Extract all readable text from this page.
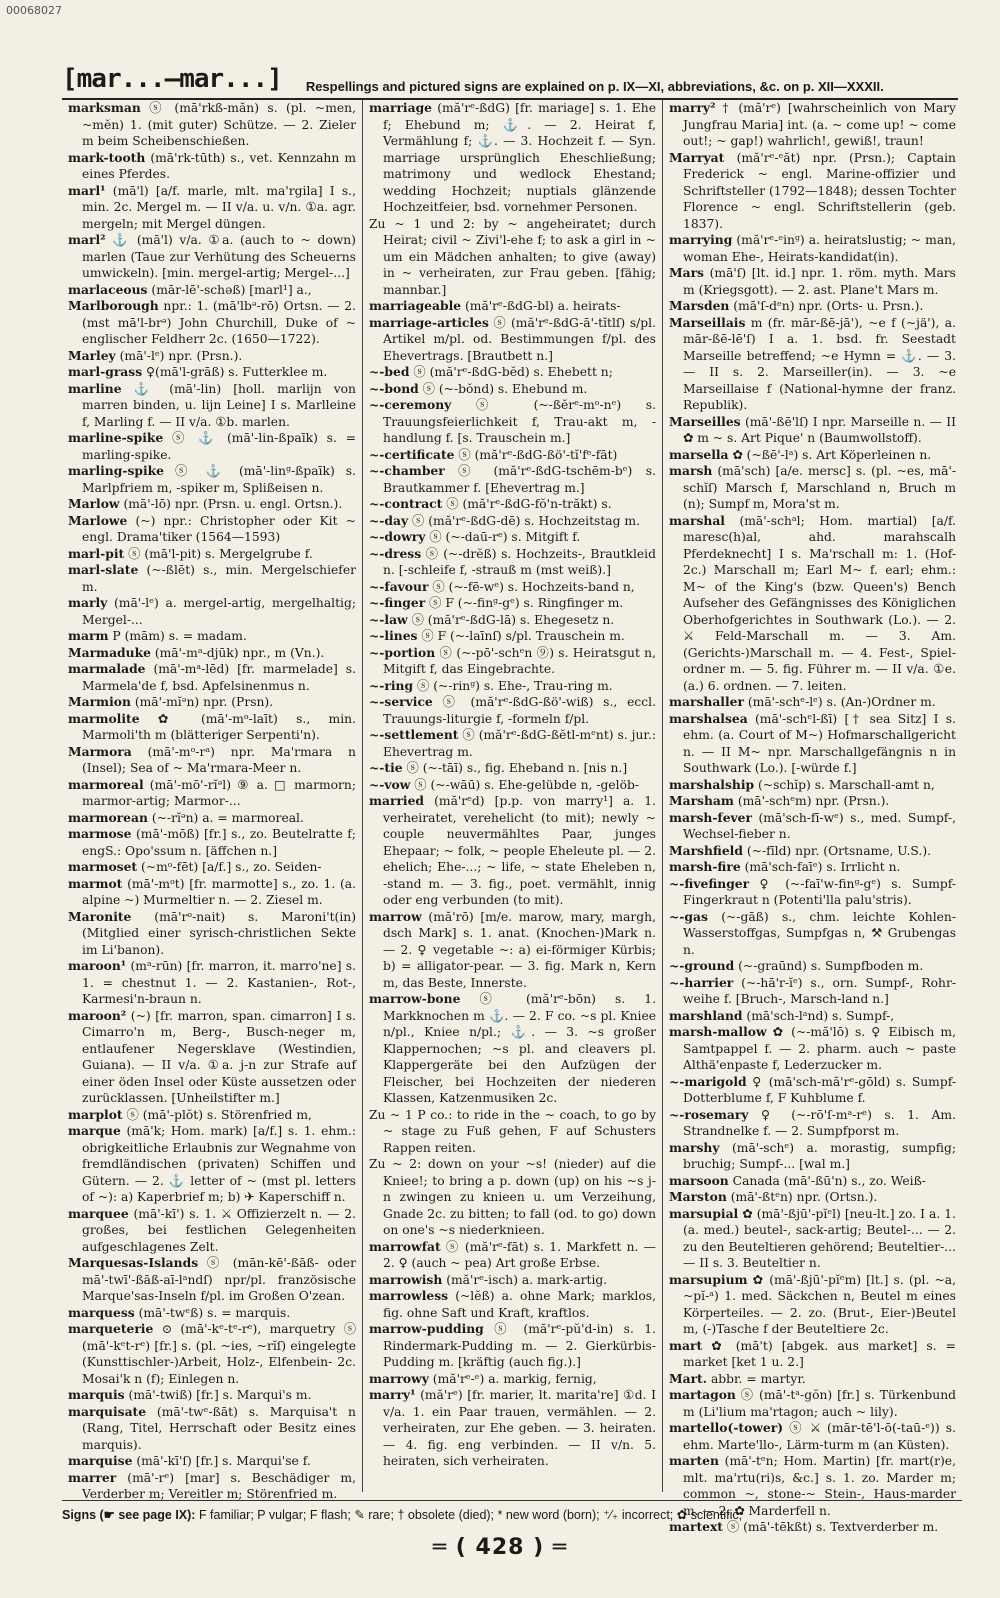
00068027
[mar...—mar...] Respellings and pictured signs are explained on p. IX—XI, abbreviations, &c. on p. XII—XXXII.

marksman ⓢ (mā'rkß-măn) s. (pl. ~men, ~mĕn) 1. (mit guter) Schütze. — 2. Zieler m beim Scheibenschießen.

mark-tooth (mā'rk-tūth) s., vet. Kennzahn m eines Pferdes.

marl¹ (mā'l) [a/f. marle, mlt. ma'rgila] I s., min. 2c. Mergel m. — II v/a. u. v/n. ①a. agr. mergeln; mit Mergel düngen.

marl² ⚓ (mā'l) v/a. ①a. (auch to ~ down) marlen (Taue zur Verhütung des Scheuerns umwickeln). [min. mergel-artig; Mergel-...]

marlaceous (mār-lē'-schəß) [marl¹] a.,

Marlborough npr.: 1. (mā'lbᵊ-rō) Ortsn. — 2. (mst mā'l-brᵊ) John Churchill, Duke of ~ englischer Feldherr 2c. (1650—1722).

Marley (mā'-lᵉ) npr. (Prsn.).

marl-grass ♀(mā'l-grāß) s. Futterklee m.

marline ⚓ (mā'-lin) [holl. marlijn von marren binden, u. lijn Leine] I s. Marlleine f, Marling f. — II v/a. ①b. marlen.

marline-spike ⓢ ⚓ (mā'-lin-ßpaīk) s. = marling-spike.

marling-spike ⓢ ⚓ (mā'-linᵍ-ßpaīk) s. Marlpfriem m, -spiker m, Splißeisen n.

Marlow (mā'-lō) npr. (Prsn. u. engl. Ortsn.).

Marlowe (~) npr.: Christopher oder Kit ~ engl. Drama'tiker (1564—1593)

marl-pit ⓢ (mā'l-pit) s. Mergelgrube f.

marl-slate (~-ßlēt) s., min. Mergelschiefer m.

marly (mā'-lᵉ) a. mergel-artig, mergelhaltig; Mergel-...

marm P (mām) s. = madam.

Marmaduke (mā'-mᵃ-djūk) npr., m (Vn.).

marmalade (mā'-mᵃ-lēd) [fr. marmelade] s. Marmela'de f, bsd. Apfelsinenmus n.

Marmion (mā'-mĭᵊn) npr. (Prsn).

marmolite ✿ (mā'-mᵒ-laīt) s., min. Marmoli'th m (blätteriger Serpenti'n).

Marmora (mā'-mᵒ-rᵃ) npr. Ma'rmara n (Insel); Sea of ~ Ma'rmara-Meer n.

marmoreal (mā'-mō'-rĭᵊl) ⑨ a. □ marmorn; marmor-artig; Marmor-...

marmorean (~-rĭᵊn) a. = marmoreal.

marmose (mā'-mōß) [fr.] s., zo. Beutelratte f; engS.: Opo'ssum n. [äffchen n.]

marmoset (~mᵒ-fēt) [a/f.] s., zo. Seiden-

marmot (mā'-mᵒt) [fr. marmotte] s., zo. 1. (a. alpine ~) Murmeltier n. — 2. Ziesel m.

Maronite (mā'rᵒ-nait) s. Maroni't(in) (Mitglied einer syrisch-christlichen Sekte im Li'banon).

maroon¹ (mᵃ-rūn) [fr. marron, it. marro'ne] s. 1. = chestnut 1. — 2. Kastanien-, Rot-, Karmesi'n-braun n.

maroon² (~) [fr. marron, span. cimarron] I s. Cimarro'n m, Berg-, Busch-neger m, entlaufener Negersklave (Westindien, Guiana). — II v/a. ①a. j-n zur Strafe auf einer öden Insel oder Küste aussetzen oder zurücklassen. [Unheilstifter m.]

marplot ⓢ (mā'-plŏt) s. Störenfried m,

marque (mā'k; Hom. mark) [a/f.] s. 1. ehm.: obrigkeitliche Erlaubnis zur Wegnahme von fremdländischen (privaten) Schiffen und Gütern. — 2. ⚓ letter of ~ (mst pl. letters of ~): a) Kaperbrief m; b) ✈ Kaperschiff n.

marquee (mā'-kī') s. 1. ⚔ Offizierzelt n. — 2. großes, bei festlichen Gelegenheiten aufgeschlagenes Zelt.

Marquesas-Islands ⓢ (mān-kē'-ßāß- oder mā'-twī'-ßāß-aī-lᵃndſ) npr/pl. französische Marque'sas-Inseln f/pl. im Großen O'zean.

marquess (mā'-twᵉß) s. = marquis.

marqueterie ⊙ (mā'-kᵉ-tᵉ-rᵉ), marquetry ⓢ (mā'-kᵉt-rᵉ) [fr.] s. (pl. ~ies, ~rĭſ) eingelegte (Kunsttischler-)Arbeit, Holz-, Elfenbein- 2c. Mosai'k n (f); Einlegen n.

marquis (mā'-twiß) [fr.] s. Marqui's m.

marquisate (mā'-twᵉ-ßāt) s. Marquisa't n (Rang, Titel, Herrschaft oder Besitz eines marquis).

marquise (mā'-kī'ſ) [fr.] s. Marqui'se f.

marrer (mā'-rᵉ) [mar] s. Beschädiger m, Verderber m; Vereitler m; Störenfried m.

marriage (mă'rᵉ-ßdG) [fr. mariage] s. 1. Ehe f; Ehebund m; ⚓. — 2. Heirat f, Vermählung f; ⚓. — 3. Hochzeit f. — Syn. marriage ursprünglich Eheschließung; matrimony und wedlock Ehestand; wedding Hochzeit; nuptials glänzende Hochzeitfeier, bsd. vornehmer Personen.

Zu ~ 1 und 2: by ~ angeheiratet; durch Heirat; civil ~ Zivi'l-ehe f; to ask a girl in ~ um ein Mädchen anhalten; to give (away) in ~ verheiraten, zur Frau geben. [fähig; mannbar.]

marriageable (mă'rᵉ-ßdG-bl) a. heirats-

marriage-articles ⓢ (mă'rᵉ-ßdG-ā'-tĭtlſ) s/pl. Artikel m/pl. od. Bestimmungen f/pl. des Ehevertrags. [Brautbett n.]

~-bed ⓢ (mă'rᵉ-ßdG-bĕd) s. Ehebett n;

~-bond ⓢ (~-bŏnd) s. Ehebund m.

~-ceremony ⓢ (~-ßĕrᵉ-mᵒ-nᵉ) s. Trauungsfeierlichkeit f, Trau-akt m, -handlung f. [s. Trauschein m.]

~-certificate ⓢ (mă'rᵉ-ßdG-ßö'-tĭ'fᵉ-fāt)

~-chamber ⓢ (mă'rᵉ-ßdG-tschēm-bᵉ) s. Brautkammer f. [Ehevertrag m.]

~-contract ⓢ (mă'rᵉ-ßdG-fŏ'n-trăkt) s.

~-day ⓢ (mă'rᵉ-ßdG-dē) s. Hochzeitstag m.

~-dowry ⓢ (~-daū-rᵉ) s. Mitgift f.

~-dress ⓢ (~-drĕß) s. Hochzeits-, Brautkleid n. [-schleife f, -strauß m (mst weiß).]

~-favour ⓢ (~-fē-wᵉ) s. Hochzeits-band n,

~-finger ⓢ F (~-finᵍ-gᵉ) s. Ringfinger m.

~-law ⓢ (mă'rᵉ-ßdG-lā) s. Ehegesetz n.

~-lines ⓢ F (~-laīnſ) s/pl. Trauschein m.

~-portion ⓢ (~-pō'-schᵉn ⑨) s. Heiratsgut n, Mitgift f, das Eingebrachte.

~-ring ⓢ (~-rinᵍ) s. Ehe-, Trau-ring m.

~-service ⓢ (mă'rᵉ-ßdG-ßö'-wiß) s., eccl. Trauungs-liturgie f, -formeln f/pl.

~-settlement ⓢ (mă'rᵉ-ßdG-ßĕtl-mᵉnt) s. jur.: Ehevertrag m.

~-tie ⓢ (~-tāī) s., fig. Eheband n. [nis n.]

~-vow ⓢ (~-wāū) s. Ehe-gelübde n, -gelöb-

married (mă'rᵉd) [p.p. von marry¹] a. 1. verheiratet, verehelicht (to mit); newly ~ couple neuvermähltes Paar, junges Ehepaar; ~ folk, ~ people Eheleute pl. — 2. ehelich; Ehe-...; ~ life, ~ state Eheleben n, -stand m. — 3. fig., poet. vermählt, innig oder eng verbunden (to mit).

marrow (mă'rō) [m/e. marow, mary, margh, dsch Mark] s. 1. anat. (Knochen-)Mark n. — 2. ♀ vegetable ~: a) ei-förmiger Kürbis; b) = alligator-pear. — 3. fig. Mark n, Kern m, das Beste, Innerste.

marrow-bone ⓢ (mă'rᵉ-bōn) s. 1. Markknochen m ⚓. — 2. F co. ~s pl. Kniee n/pl., Kniee n/pl.; ⚓. — 3. ~s großer Klappernochen; ~s pl. and cleavers pl. Klappergeräte bei den Aufzügen der Fleischer, bei Hochzeiten der niederen Klassen, Katzenmusiken 2c.

Zu ~ 1 P co.: to ride in the ~ coach, to go by ~ stage zu Fuß gehen, F auf Schusters Rappen reiten.

Zu ~ 2: down on your ~s! (nieder) auf die Kniee!; to bring a p. down (up) on his ~s j-n zwingen zu knieen u. um Verzeihung, Gnade 2c. zu bitten; to fall (od. to go) down on one's ~s niederknieen.

marrowfat ⓢ (mă'rᵉ-fāt) s. 1. Markfett n. — 2. ♀ (auch ~ pea) Art große Erbse.

marrowish (mă'rᵉ-isch) a. mark-artig.

marrowless (~lĕß) a. ohne Mark; marklos, fig. ohne Saft und Kraft, kraftlos.

marrow-pudding ⓢ (mă'rᵉ-pŭ'd-in) s. 1. Rindermark-Pudding m. — 2. Gierkürbis-Pudding m. [kräftig (auch fig.).]

marrowy (mă'rᵉ-ᵉ) a. markig, fernig,

marry¹ (mă'rᵉ) [fr. marier, lt. marita're] ①d. I v/a. 1. ein Paar trauen, vermählen. — 2. verheiraten, zur Ehe geben. — 3. heiraten. — 4. fig. eng verbinden. — II v/n. 5. heiraten, sich verheiraten.

marry² † (mă'rᵉ) [wahrscheinlich von Mary Jungfrau Maria] int. (a. ~ come up! ~ come out!; ~ gap!) wahrlich!, gewiß!, traun!

Marryat (mă'rᵉ-ᵉăt) npr. (Prsn.); Captain Frederick ~ engl. Marine-offizier und Schriftsteller (1792—1848); dessen Tochter Florence ~ engl. Schriftstellerin (geb. 1837).

marrying (mă'rᵉ-ᵉinᵍ) a. heiratslustig; ~ man, woman Ehe-, Heirats-kandidat(in).

Mars (mā'ſ) [lt. id.] npr. 1. röm. myth. Mars m (Kriegsgott). — 2. ast. Plane't Mars m.

Marsden (mā'ſ-dᵉn) npr. (Orts- u. Prsn.).

Marseillais m (fr. mār-ßē-jā'), ~e f (~jä'), a. mār-ßē-lē'ſ) I a. 1. bsd. fr. Seestadt Marseille betreffend; ~e Hymn = ⚓. — 3. — II s. 2. Marseiller(in). — 3. ~e Marseillaise f (National-hymne der franz. Republik).

Marseilles (mā'-ßē'lſ) I npr. Marseille n. — II ✿ m ~ s. Art Pique' n (Baumwollstoff).

marsella ✿ (~ßē'-lᵃ) s. Art Köperleinen n.

marsh (mā'sch) [a/e. mersc] s. (pl. ~es, mā'-schĭſ) Marsch f, Marschland n, Bruch m (n); Sumpf m, Mora'st m.

marshal (mā'-schᵃl; Hom. martial) [a/f. maresc(h)al, ahd. marahscalh Pferdeknecht] I s. Ma'rschall m: 1. (Hof- 2c.) Marschall m; Earl M~ f. earl; ehm.: M~ of the King's (bzw. Queen's) Bench Aufseher des Gefängnisses des Königlichen Oberhofgerichtes in Southwark (Lo.). — 2. ⚔ Feld-Marschall m. — 3. Am. (Gerichts-)Marschall m. — 4. Fest-, Spiel-ordner m. — 5. fig. Führer m. — II v/a. ①e.(a.) 6. ordnen. — 7. leiten.

marshaller (mā'-schᵉ-lᵉ) s. (An-)Ordner m.

marshalsea (mā'-schᵉl-ßī) [† sea Sitz] I s. ehm. (a. Court of M~) Hofmarschallgericht n. — II M~ npr. Marschallgefängnis n in Southwark (Lo.). [-würde f.]

marshalship (~schĭp) s. Marschall-amt n,

Marsham (mā'-schᵉm) npr. (Prsn.).

marsh-fever (mā'sch-fī-wᵉ) s., med. Sumpf-, Wechsel-fieber n.

Marshfield (~-fīld) npr. (Ortsname, U.S.).

marsh-fire (mā'sch-faīᵉ) s. Irrlicht n.

~-fivefinger ♀ (~-faī'w-finᵍ-gᵉ) s. Sumpf-Fingerkraut n (Potenti'lla palu'stris).

~-gas (~-gāß) s., chm. leichte Kohlen-Wasserstoffgas, Sumpfgas n, ⚒ Grubengas n.

~-ground (~-graūnd) s. Sumpfboden m.

~-harrier (~-hā'r-ĭᵉ) s., orn. Sumpf-, Rohr-weihe f. [Bruch-, Marsch-land n.]

marshland (mā'sch-lᵃnd) s. Sumpf-,

marsh-mallow ✿ (~-mă'lō) s. ♀ Eibisch m, Samtpappel f. — 2. pharm. auch ~ paste Althä'enpaste f, Lederzucker m.

~-marigold ♀ (mā'sch-mă'rᵉ-gōld) s. Sumpf-Dotterblume f, F Kuhblume f.

~-rosemary ♀ (~-rō'ſ-mᵃ-rᵉ) s. 1. Am. Strandnelke f. — 2. Sumpfporst m.

marshy (mā'-schᵉ) a. morastig, sumpfig; bruchig; Sumpf-... [wal m.]

marsoon Canada (mā'-ßū'n) s., zo. Weiß-

Marston (mā'-ßtᵉn) npr. (Ortsn.).

marsupial ✿ (mā'-ßjū'-pĭᵉl) [neu-lt.] zo. I a. 1. (a. med.) beutel-, sack-artig; Beutel-... — 2. zu den Beuteltieren gehörend; Beuteltier-... — II s. 3. Beuteltier n.

marsupium ✿ (mā'-ßjū'-pĭᵉm) [lt.] s. (pl. ~a, ~pĭ-ᵃ) 1. med. Säckchen n, Beutel m eines Körperteiles. — 2. zo. (Brut-, Eier-)Beutel m, (-)Tasche f der Beuteltiere 2c.

mart ✿ (mā't) [abgek. aus market] s. = market [ket 1 u. 2.]

Mart. abbr. = martyr.

martagon ⓢ (mā'-tᵃ-gŏn) [fr.] s. Türkenbund m (Li'lium ma'rtagon; auch ~ lily).

martello(-tower) ⓢ ⚔ (mār-tē'l-ō(-taū-ᵉ)) s. ehm. Marte'llo-, Lärm-turm m (an Küsten).

marten (mā'-tᵉn; Hom. Martin) [fr. mart(r)e, mlt. ma'rtu(ri)s, &c.] s. 1. zo. Marder m; common ~, stone-~ Stein-, Haus-marder m. — 2. ✿ Marderfell n.

martext ⓢ (mā'-tēkßt) s. Textverderber m.

Signs (☛ see page IX): F familiar; P vulgar; F flash; ✎ rare; † obsolete (died); * new word (born); ⁺⁄₊ incorrect; ✿ scientific;
═ ( 428 ) ═
